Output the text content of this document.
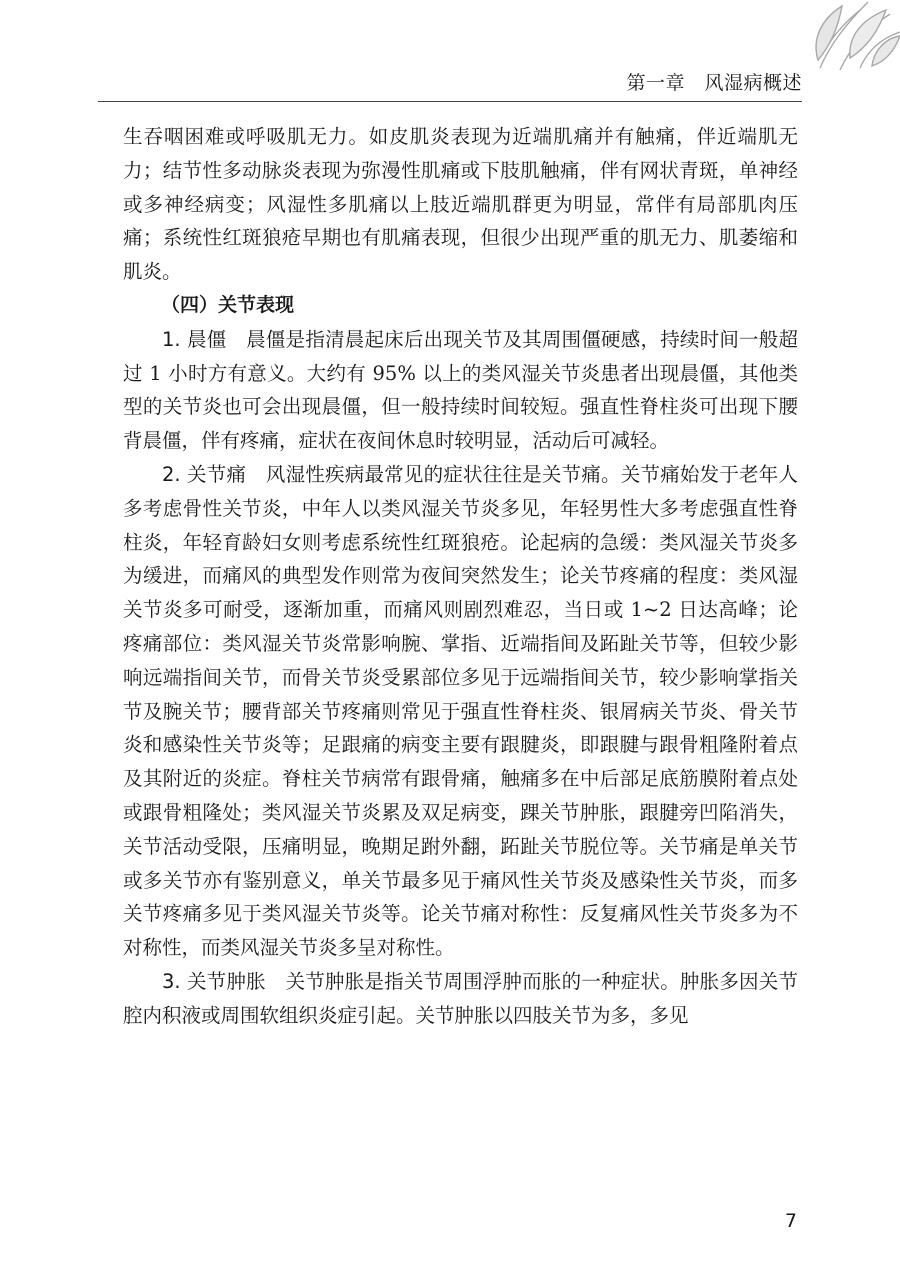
第一章　风湿病概述

生吞咽困难或呼吸肌无力。如皮肌炎表现为近端肌痛并有触痛，伴近端肌无力；结节性多动脉炎表现为弥漫性肌痛或下肢肌触痛，伴有网状青斑，单神经或多神经病变；风湿性多肌痛以上肢近端肌群更为明显，常伴有局部肌肉压痛；系统性红斑狼疮早期也有肌痛表现，但很少出现严重的肌无力、肌萎缩和肌炎。

（四）关节表现

1. 晨僵 晨僵是指清晨起床后出现关节及其周围僵硬感，持续时间一般超过 1 小时方有意义。大约有 95% 以上的类风湿关节炎患者出现晨僵，其他类型的关节炎也可会出现晨僵，但一般持续时间较短。强直性脊柱炎可出现下腰背晨僵，伴有疼痛，症状在夜间休息时较明显，活动后可减轻。

2. 关节痛 风湿性疾病最常见的症状往往是关节痛。关节痛始发于老年人多考虑骨性关节炎，中年人以类风湿关节炎多见，年轻男性大多考虑强直性脊柱炎，年轻育龄妇女则考虑系统性红斑狼疮。论起病的急缓：类风湿关节炎多为缓进，而痛风的典型发作则常为夜间突然发生；论关节疼痛的程度：类风湿关节炎多可耐受，逐渐加重，而痛风则剧烈难忍，当日或 1~2 日达高峰；论疼痛部位：类风湿关节炎常影响腕、掌指、近端指间及跖趾关节等，但较少影响远端指间关节，而骨关节炎受累部位多见于远端指间关节，较少影响掌指关节及腕关节；腰背部关节疼痛则常见于强直性脊柱炎、银屑病关节炎、骨关节炎和感染性关节炎等；足跟痛的病变主要有跟腱炎，即跟腱与跟骨粗隆附着点及其附近的炎症。脊柱关节病常有跟骨痛，触痛多在中后部足底筋膜附着点处或跟骨粗隆处；类风湿关节炎累及双足病变，踝关节肿胀，跟腱旁凹陷消失，关节活动受限，压痛明显，晚期足跗外翻，跖趾关节脱位等。关节痛是单关节或多关节亦有鉴别意义，单关节最多见于痛风性关节炎及感染性关节炎，而多关节疼痛多见于类风湿关节炎等。论关节痛对称性：反复痛风性关节炎多为不对称性，而类风湿关节炎多呈对称性。

3. 关节肿胀 关节肿胀是指关节周围浮肿而胀的一种症状。肿胀多因关节腔内积液或周围软组织炎症引起。关节肿胀以四肢关节为多，多见

7
